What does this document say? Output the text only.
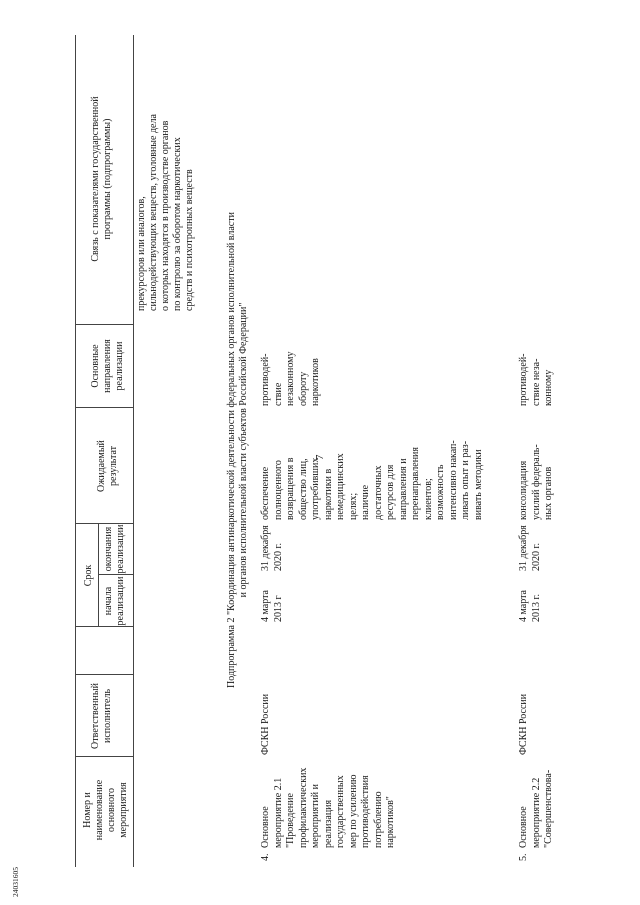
7
Номер и
наименование
основного
мероприятия
Ответственный
исполнитель
Срок
начала
реализации
окончания
реализации
Ожидаемый
результат
Основные
направления
реализации
Связь с показателями государственной
программы (подпрограммы)
прекурсоров или аналогов,
сильнодействующих веществ, уголовные дела
о которых находятся в производстве органов
по контролю за оборотом наркотических
средств и психотропных веществ
Подпрограмма 2 "Координация антинаркотической деятельности федеральных органов исполнительной власти
и органов исполнительной власти субъектов Российской Федерации"
4.
Основное
мероприятие 2.1
"Проведение
профилактических
мероприятий и
реализация
государственных
мер по усилению
противодействия
потреблению
наркотиков"
ФСКН России
4 марта
2013 г
31 декабря
2020 г.
обеспечение
полноценного
возвращения в
общество лиц,
употребивших
наркотики в
немедицинских
целях;
наличие
достаточных
ресурсов для
направления и
перенаправления
клиентов;
возможность
интенсивно накап-
ливать опыт и раз-
вивать методики
противодей-
ствие
незаконному
обороту
наркотиков
5.
Основное
мероприятие 2.2
"Совершенствова-
ФСКН России
4 марта
2013 г.
31 декабря
2020 г.
консолидация
усилий федераль-
ных органов
противодей-
ствие неза-
конному
24031605
